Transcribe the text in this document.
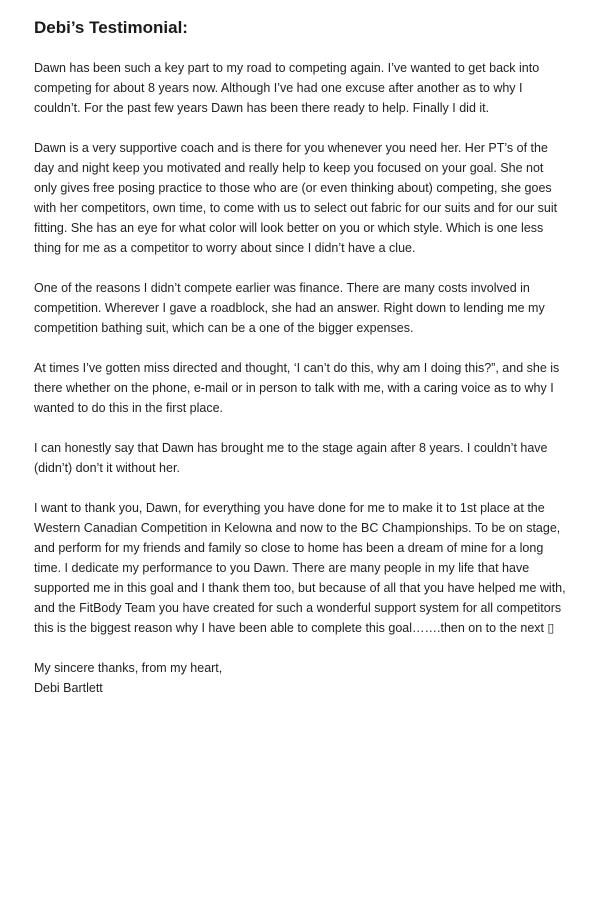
Debi’s Testimonial:

Dawn has been such a key part to my road to competing again. I’ve wanted to get back into competing for about 8 years now. Although I’ve had one excuse after another as to why I couldn’t. For the past few years Dawn has been there ready to help. Finally I did it.

Dawn is a very supportive coach and is there for you whenever you need her. Her PT’s of the day and night keep you motivated and really help to keep you focused on your goal. She not only gives free posing practice to those who are (or even thinking about) competing, she goes with her competitors, own time, to come with us to select out fabric for our suits and for our suit fitting. She has an eye for what color will look better on you or which style. Which is one less thing for me as a competitor to worry about since I didn’t have a clue.

One of the reasons I didn’t compete earlier was finance. There are many costs involved in competition. Wherever I gave a roadblock, she had an answer. Right down to lending me my competition bathing suit, which can be a one of the bigger expenses.

At times I’ve gotten miss directed and thought, ‘I can’t do this, why am I doing this?”, and she is there whether on the phone, e-mail or in person to talk with me, with a caring voice as to why I wanted to do this in the first place.

I can honestly say that Dawn has brought me to the stage again after 8 years. I couldn’t have (didn’t) don’t it without her.

I want to thank you, Dawn, for everything you have done for me to make it to 1st place at the Western Canadian Competition in Kelowna and now to the BC Championships. To be on stage, and perform for my friends and family so close to home has been a dream of mine for a long time. I dedicate my performance to you Dawn. There are many people in my life that have supported me in this goal and I thank them too, but because of all that you have helped me with, and the FitBody Team you have created for such a wonderful support system for all competitors this is the biggest reason why I have been able to complete this goal…….then on to the next ▯

My sincere thanks, from my heart,

Debi Bartlett
